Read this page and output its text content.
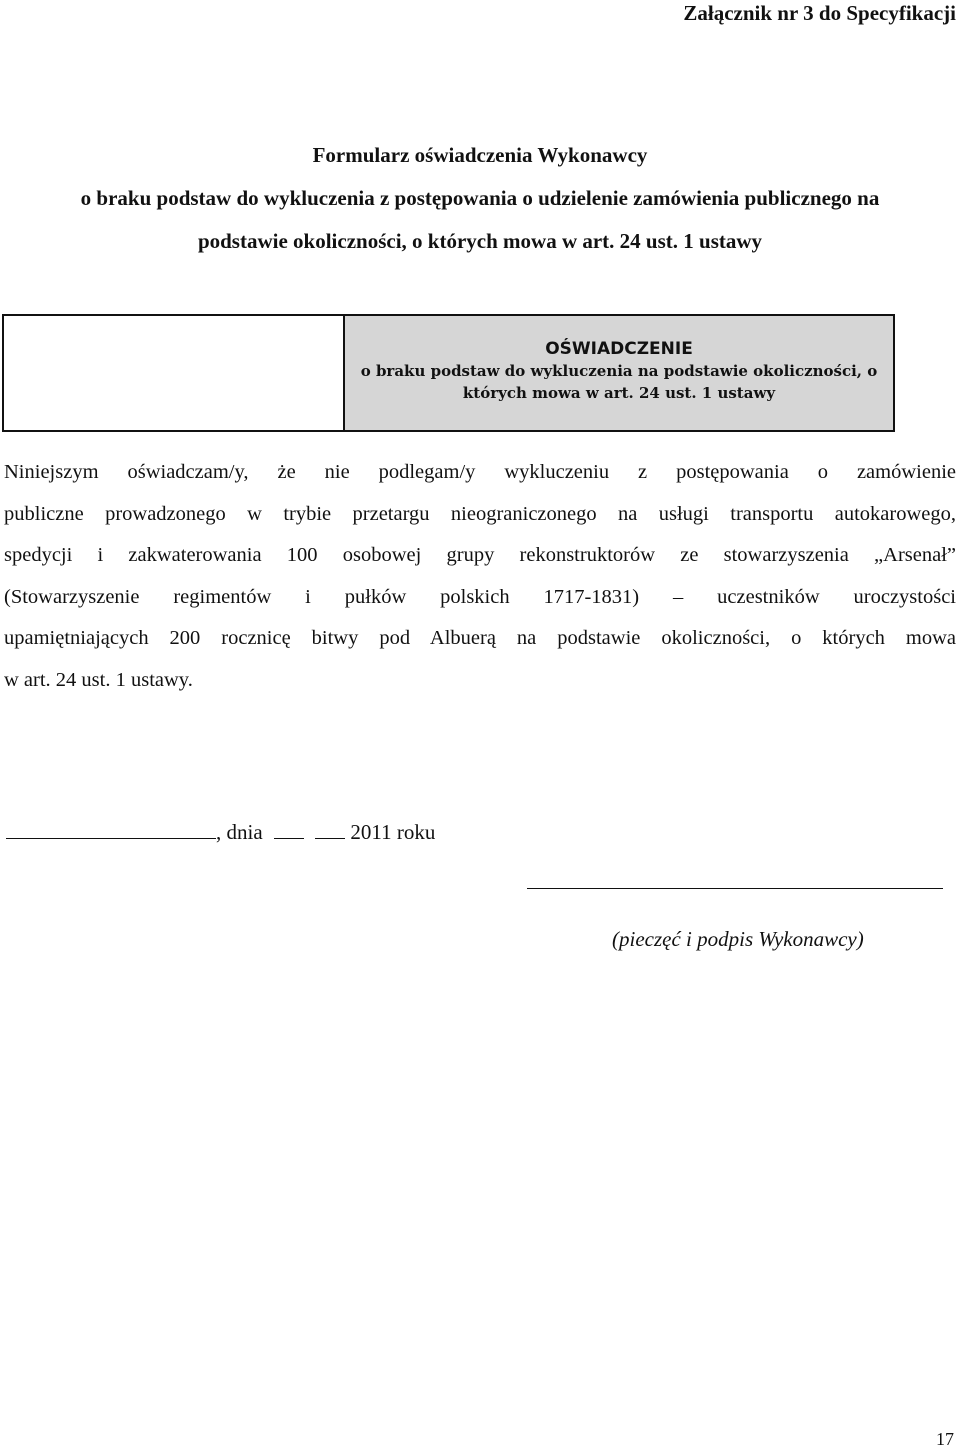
Załącznik nr 3 do Specyfikacji
Formularz oświadczenia Wykonawcy
o braku podstaw do wykluczenia z postępowania o udzielenie zamówienia publicznego na
podstawie okoliczności, o których mowa w art. 24 ust. 1 ustawy
OŚWIADCZENIE
o braku podstaw do wykluczenia na podstawie okoliczności, o
których mowa w art. 24 ust. 1 ustawy
Niniejszym oświadczam/y, że nie podlegam/y wykluczeniu z postępowania o zamówienie
publiczne prowadzonego w trybie przetargu nieograniczonego na usługi transportu autokarowego,
spedycji i zakwaterowania 100 osobowej grupy rekonstruktorów ze stowarzyszenia „Arsenał”
(Stowarzyszenie regimentów i pułków polskich 1717-1831) – uczestników uroczystości
upamiętniających 200 rocznicę bitwy pod Albuerą na podstawie okoliczności, o których mowa
w art. 24 ust. 1 ustawy.
, dnia	2011 roku
(pieczęć i podpis Wykonawcy)
17
